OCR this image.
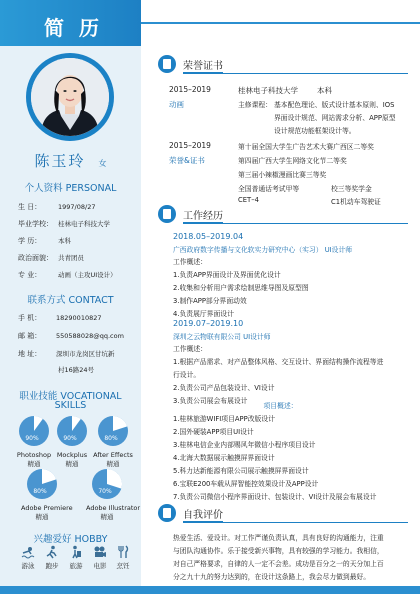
简 历
陈玉玲 女
个人资料 PERSONAL
生 日：	1997/08/27
毕业学校： 桂林电子科技大学
学 历：	本科
政治面貌： 共青团员
专 业：	动画（主攻UI设计）
联系方式 CONTACT
手 机： 18290010827
邮 箱： 550588028@qq.com
地 址： 深圳市龙岗区甘坑新
村16路24号
职业技能 VOCATIONAL
SKILLS
90%
Photoshop
精通
90%
Mockplus
精通
80%
After Effects
精通
80%
Adobe Premiere
精通
70%
Adobe Illustrator
精通
兴趣爱好 HOBBY
游泳	跑步	旅游	电影	烹饪
荣誉证书
2015–2019	桂林电子科技大学	本科
动画	主修课程： 基本配色理论、版式设计基本原则、IOS
界面设计规范、网站需求分析、APP原型
设计规范功能框架设计等。
2015–2019
荣誉&证书
第十届全国大学生广告艺术大赛广西区二等奖
第四届广西大学生网络文化节二等奖
第三届小辣椒漫画比赛三等奖
全国普通话考试甲等	校三等奖学金
CET–4	C1机动车驾驶证
工作经历
2018.05–2019.04
广西政府数字传播与文化软实力研究中心（实习） UI设计师
工作概述：
1.负责APP界面设计及界面优化设计
2.收集和分析用户需求绘制思维导图及原型图
3.制作APP部分界面动效
4.负责展厅界面设计
2019.07–2019.10
深圳之云物联有限公司 UI设计师
工作概述：
1.根据产品需求、对产品整体风格、交互设计、界面结构操作流程等进
行设计。
2.负责公司产品包装设计、VI设计
3.负责公司展会布展设计
项目概述：
1.桂林旅游WIFI项目APP改版设计
2.国外硬装APP项目UI设计
3.桂林电信企业内部赐风年微信小程序项目设计
4.北海大数据展示触摸屏界面设计
5.科力达新能源有限公司展示触摸屏界面设计
6.宝联E200车载从屏智能控效果设计及APP设计
7.负责公司微信小程序界面设计、包装设计、VI设计及展会布展设计
自我评价
热爱生活、爱设计。对工作严谨负责认真，具有良好的沟通能力，注重
与团队沟通协作。乐于接受新兴事物，具有较强的学习能力。我相信，
对自己严格要求，自律的人一定不会差。成功是百分之一的天分加上百
分之九十九的努力达到的，在设计这条路上，我会尽力做到最好。
